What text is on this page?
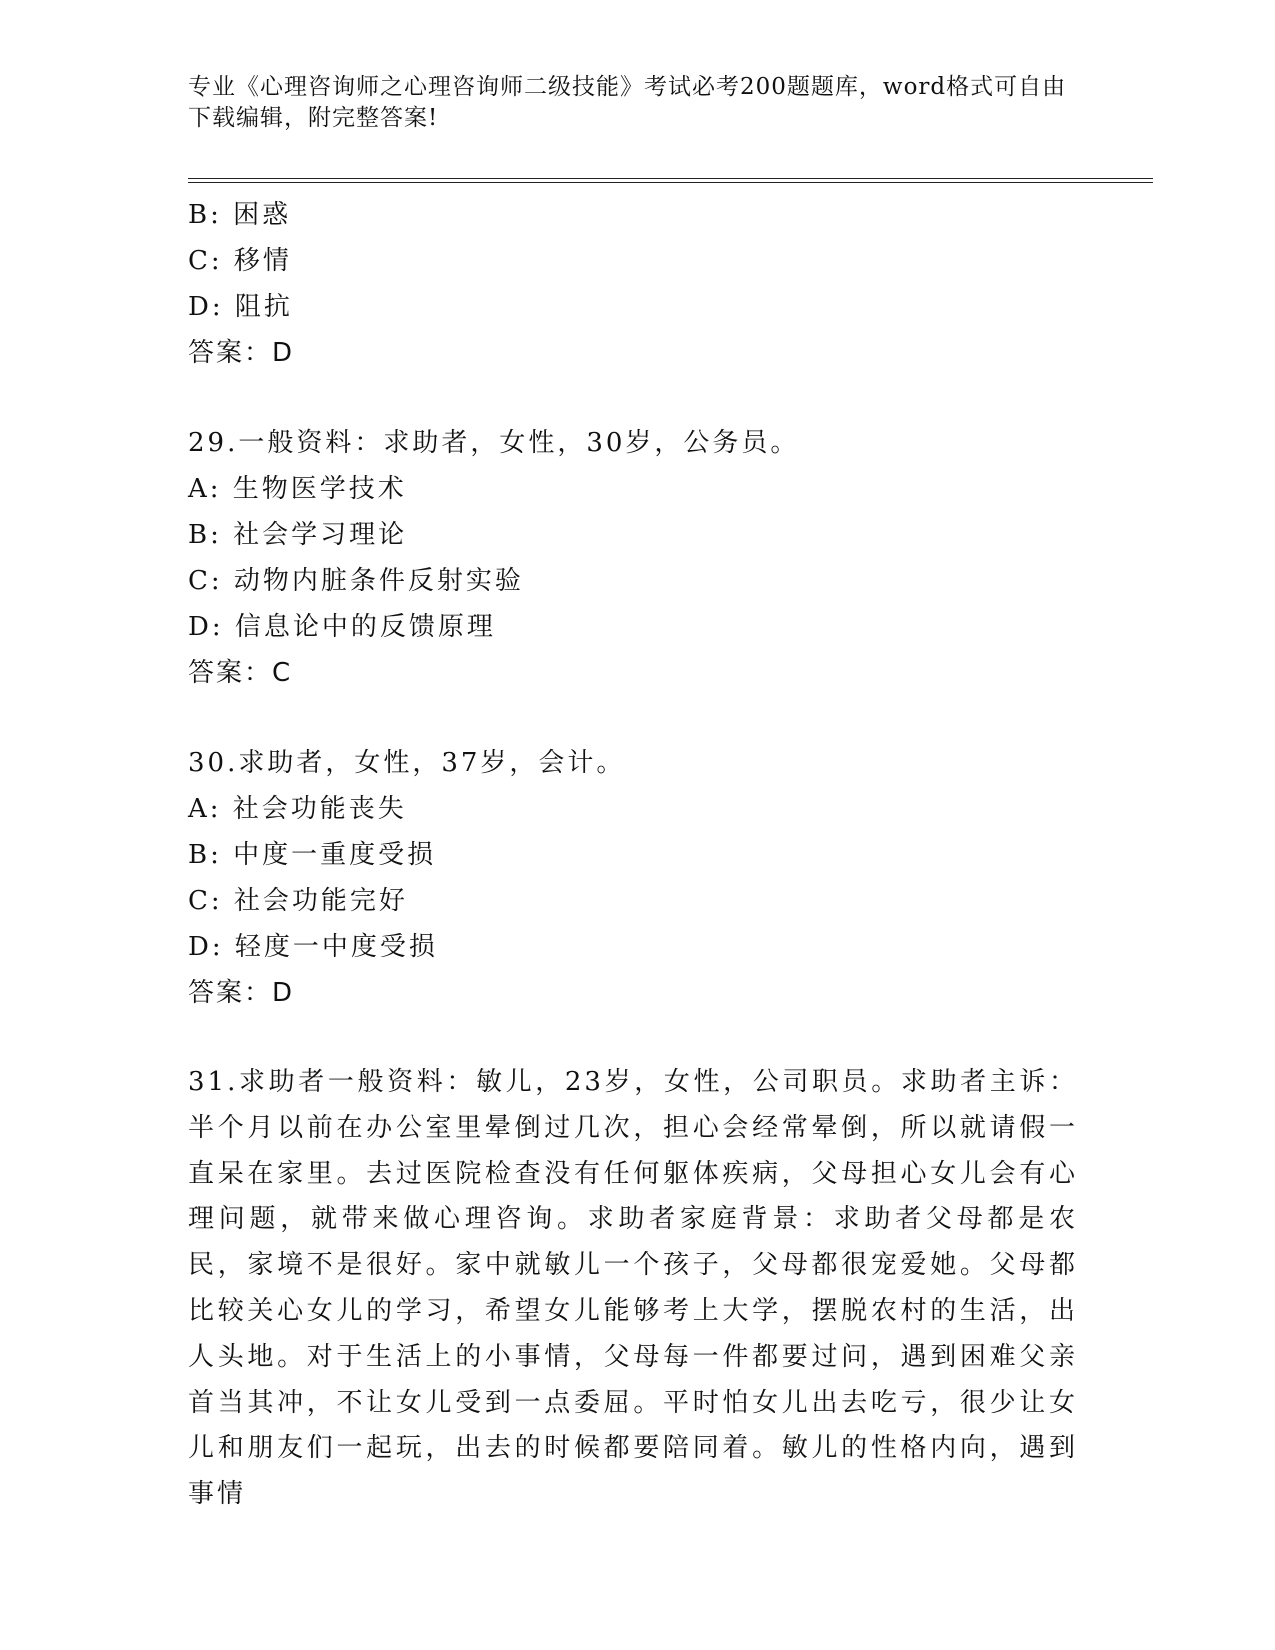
专业《心理咨询师之心理咨询师二级技能》考试必考200题题库，word格式可自由下载编辑，附完整答案!
B: 困惑
C: 移情
D: 阻抗
答案：D
29.一般资料：求助者，女性，30岁，公务员。
A: 生物医学技术
B: 社会学习理论
C: 动物内脏条件反射实验
D: 信息论中的反馈原理
答案：C
30.求助者，女性，37岁，会计。
A: 社会功能丧失
B: 中度一重度受损
C: 社会功能完好
D: 轻度一中度受损
答案：D
31.求助者一般资料：敏儿，23岁，女性，公司职员。求助者主诉：半个月以前在办公室里晕倒过几次，担心会经常晕倒，所以就请假一直呆在家里。去过医院检查没有任何躯体疾病，父母担心女儿会有心理问题，就带来做心理咨询。求助者家庭背景：求助者父母都是农民，家境不是很好。家中就敏儿一个孩子，父母都很宠爱她。父母都比较关心女儿的学习，希望女儿能够考上大学，摆脱农村的生活，出人头地。对于生活上的小事情，父母每一件都要过问，遇到困难父亲首当其冲，不让女儿受到一点委屈。平时怕女儿出去吃亏，很少让女儿和朋友们一起玩，出去的时候都要陪同着。敏儿的性格内向，遇到事情
